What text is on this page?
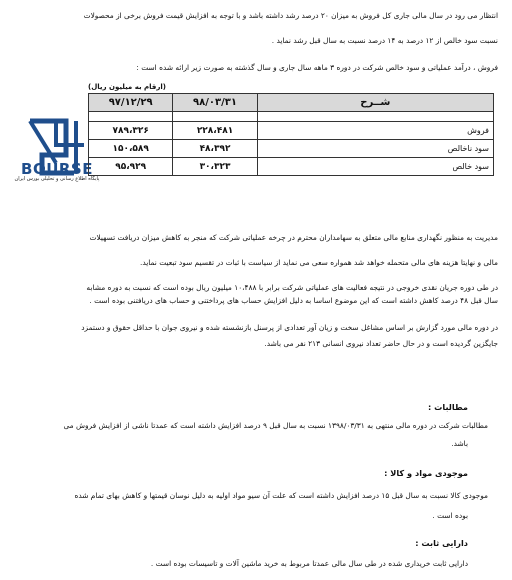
انتظار می رود در سال مالی جاری کل فروش به میزان ۲۰ درصد رشد داشته باشد و با توجه به افزایش قیمت فروش برخی از محصولات
نسبت سود خالص از ۱۲ درصد به ۱۴ درصد نسبت به سال قبل رشد نماید .
فروش ، درآمد عملیاتی و سود خالص شرکت در دوره ۳ ماهه سال جاری و سال گذشته به صورت زیر ارائه شده است :
BOURSE
پایگاه اطلاع رسانی و تحلیلی بورس ایران
(ارقام به میلیون ریال)
شــرح	۹۸/۰۳/۳۱	۹۷/۱۲/۲۹

فروش	۲۲۸،۴۸۱	۷۸۹،۳۲۶
سود ناخالص	۴۸،۳۹۲	۱۵۰،۵۸۹
سود خالص	۳۰،۳۲۳	۹۵،۹۲۹
مدیریت به منظور نگهداری منابع مالی متعلق به سهامداران محترم در چرخه عملیاتی شرکت که منجر به کاهش میزان دریافت تسهیلات
مالی و نهایتا هزینه های مالی متحمله خواهد شد همواره سعی می نماید از سیاست با ثبات در تقسیم سود تبعیت نماید.
در طی دوره جریان نقدی خروجی در نتیجه فعالیت های عملیاتی شرکت برابر با ۱۰،۴۸۸ میلیون ریال بوده است که نسبت به دوره مشابه
سال قبل ۴۸ درصد کاهش داشته است که این موضوع اساسا به دلیل افزایش حساب های پرداختنی و حساب های دریافتنی بوده است .
در دوره مالی مورد گزارش بر اساس مشاغل سخت و زیان آور تعدادی از پرسنل بازنشسته شده و نیروی جوان با حداقل حقوق و دستمزد
جایگزین گردیده است و در حال حاضر تعداد نیروی انسانی ۲۱۳ نفر می باشد.
مطالبات :
مطالبات شرکت در دوره مالی منتهی به ۱۳۹۸/۰۳/۳۱ نسبت به سال قبل ۹ درصد افزایش داشته است که عمدتا ناشی از افزایش فروش می
باشد.
موجودی مواد و کالا :
موجودی کالا نسبت به سال قبل ۱۵ درصد افزایش داشته است که علت آن سیو مواد اولیه به دلیل نوسان قیمتها و کاهش بهای تمام شده
بوده است .
دارایی ثابت :
دارایی ثابت خریداری شده در طی سال مالی عمدتا مربوط به خرید ماشین آلات و تاسیسات بوده است .
